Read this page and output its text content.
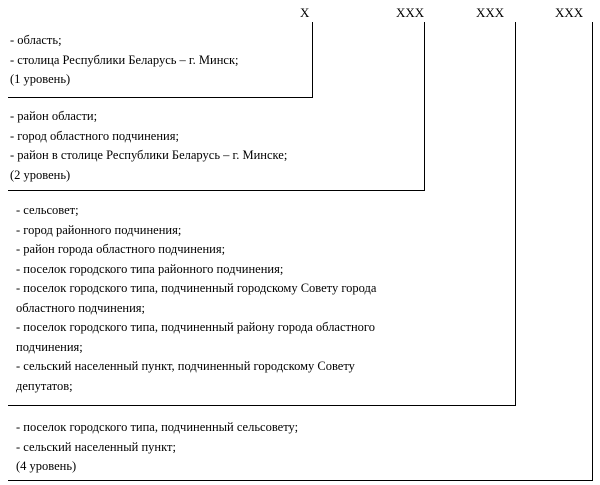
Х	ХХХ	ХХХ	ХХХ
- область;
- столица Республики Беларусь – г. Минск;
(1 уровень)
- район области;
- город областного подчинения;
- район в столице Республики Беларусь – г. Минске;
(2 уровень)
- сельсовет;
- город районного подчинения;
- район города областного подчинения;
- поселок городского типа районного подчинения;
- поселок городского типа, подчиненный городскому Совету города
областного подчинения;
- поселок городского типа, подчиненный району города областного
подчинения;
- сельский населенный пункт, подчиненный городскому Совету
депутатов;
- поселок городского типа, подчиненный сельсовету;
- сельский населенный пункт;
(4 уровень)
